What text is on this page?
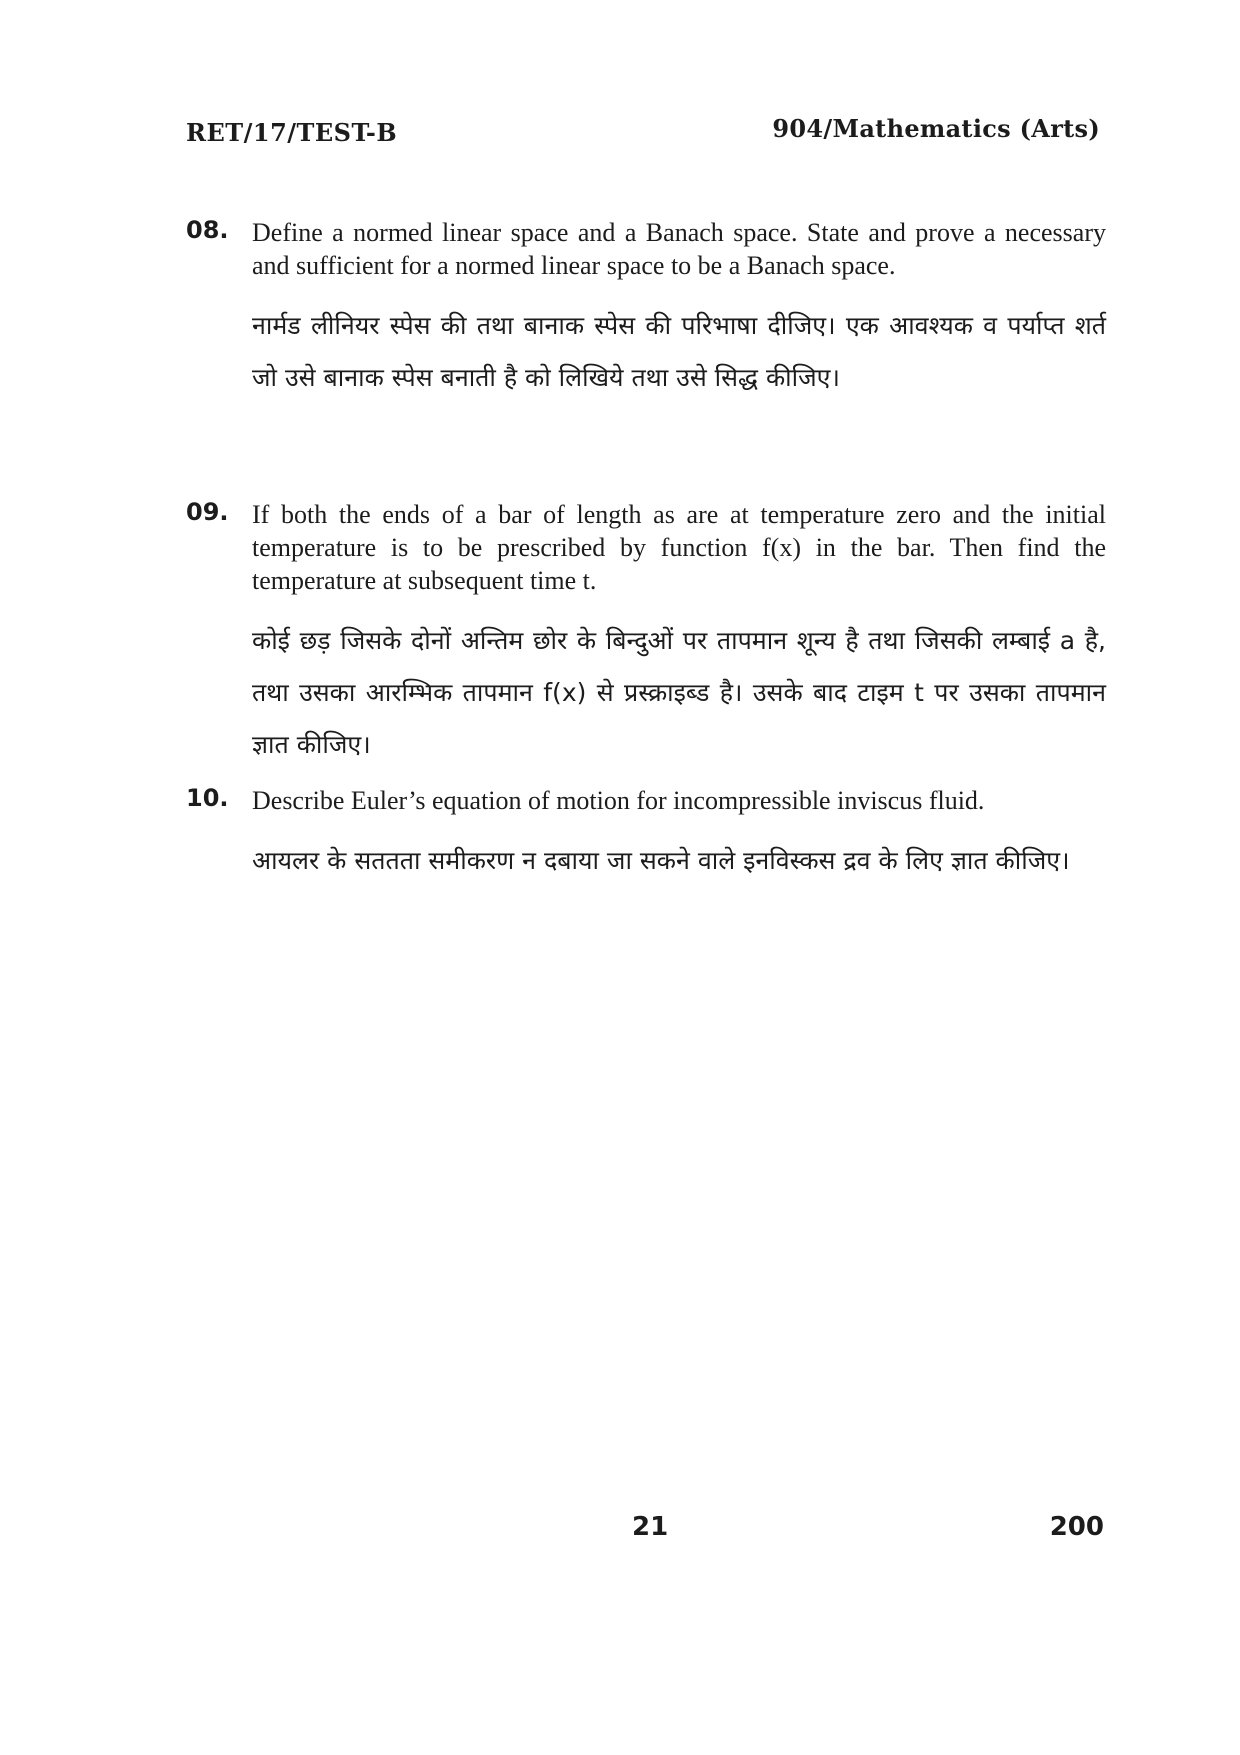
RET/17/TEST-B	904/Mathematics (Arts)
08. Define a normed linear space and a Banach space. State and prove a necessary and sufficient for a normed linear space to be a Banach space.
नार्मड लीनियर स्पेस की तथा बानाक स्पेस की परिभाषा दीजिए। एक आवश्यक व पर्याप्त शर्त जो उसे बानाक स्पेस बनाती है को लिखिये तथा उसे सिद्ध कीजिए।
09. If both the ends of a bar of length as are at temperature zero and the initial temperature is to be prescribed by function f(x) in the bar. Then find the temperature at subsequent time t.
कोई छड़ जिसके दोनों अन्तिम छोर के बिन्दुओं पर तापमान शून्य है तथा जिसकी लम्बाई a है, तथा उसका आरम्भिक तापमान f(x) से प्रस्क्राइब्ड है। उसके बाद टाइम t पर उसका तापमान ज्ञात कीजिए।
10. Describe Euler’s equation of motion for incompressible inviscus fluid.
आयलर के सततता समीकरण न दबाया जा सकने वाले इनविस्कस द्रव के लिए ज्ञात कीजिए।
21	200
